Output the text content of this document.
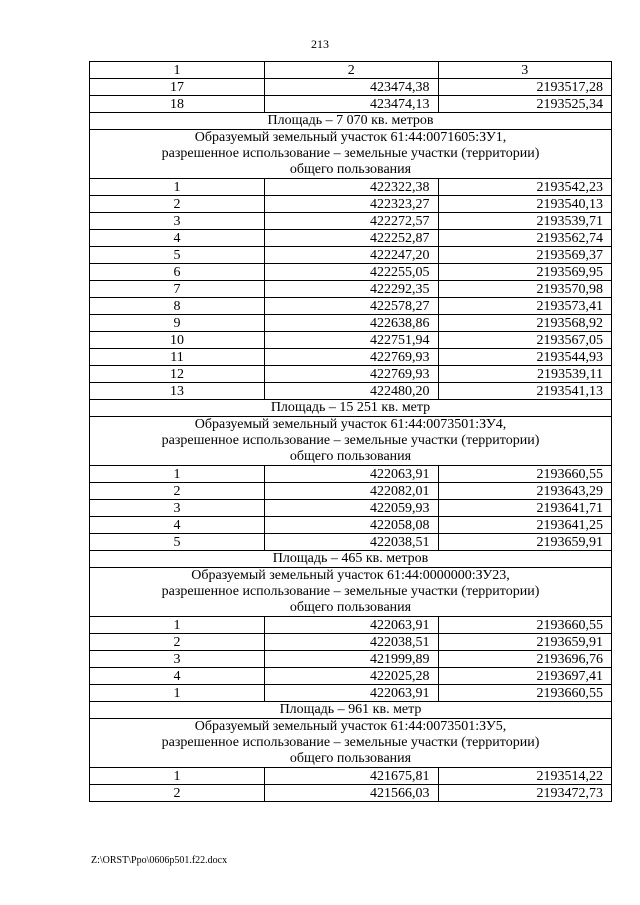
213
1	2	3
17	423474,38	2193517,28
18	423474,13	2193525,34

Площадь – 7 070 кв. метров		

Образуемый земельный участок 61:44:0071605:ЗУ1,
разрешенное использование – земельные участки (территории)
общего пользования		

1	422322,38	2193542,23
2	422323,27	2193540,13
3	422272,57	2193539,71
4	422252,87	2193562,74
5	422247,20	2193569,37
6	422255,05	2193569,95
7	422292,35	2193570,98
8	422578,27	2193573,41
9	422638,86	2193568,92
10	422751,94	2193567,05
11	422769,93	2193544,93
12	422769,93	2193539,11
13	422480,20	2193541,13

Площадь – 15 251 кв. метр		

Образуемый земельный участок 61:44:0073501:ЗУ4,
разрешенное использование – земельные участки (территории)
общего пользования		

1	422063,91	2193660,55
2	422082,01	2193643,29
3	422059,93	2193641,71
4	422058,08	2193641,25
5	422038,51	2193659,91

Площадь – 465 кв. метров		

Образуемый земельный участок 61:44:0000000:ЗУ23,
разрешенное использование – земельные участки (территории)
общего пользования		

1	422063,91	2193660,55
2	422038,51	2193659,91
3	421999,89	2193696,76
4	422025,28	2193697,41
1	422063,91	2193660,55

Площадь – 961 кв. метр		

Образуемый земельный участок 61:44:0073501:ЗУ5,
разрешенное использование – земельные участки (территории)
общего пользования		

1	421675,81	2193514,22
2	421566,03	2193472,73
Z:\ORST\Ppo\0606p501.f22.docx
